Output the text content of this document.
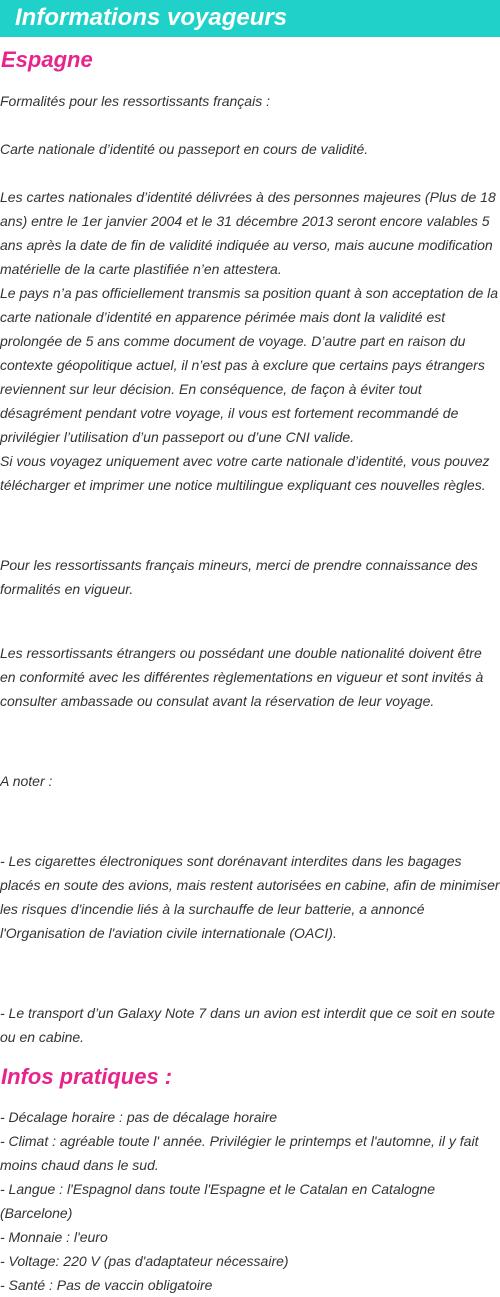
Informations voyageurs
Espagne

Formalités pour les ressortissants français :

Carte nationale d’identité ou passeport en cours de validité.

Les cartes nationales d’identité délivrées à des personnes majeures (Plus de 18 ans) entre le 1er janvier 2004 et le 31 décembre 2013 seront encore valables 5 ans après la date de fin de validité indiquée au verso, mais aucune modification matérielle de la carte plastifiée n’en attestera.
Le pays n’a pas officiellement transmis sa position quant à son acceptation de la carte nationale d’identité en apparence périmée mais dont la validité est prolongée de 5 ans comme document de voyage. D’autre part en raison du contexte géopolitique actuel, il n’est pas à exclure que certains pays étrangers reviennent sur leur décision. En conséquence, de façon à éviter tout désagrément pendant votre voyage, il vous est fortement recommandé de privilégier l’utilisation d’un passeport ou d’une CNI valide.
Si vous voyagez uniquement avec votre carte nationale d’identité, vous pouvez télécharger et imprimer une notice multilingue expliquant ces nouvelles règles.

Pour les ressortissants français mineurs, merci de prendre connaissance des formalités en vigueur.

Les ressortissants étrangers ou possédant une double nationalité doivent être en conformité avec les différentes règlementations en vigueur et sont invités à consulter ambassade ou consulat avant la réservation de leur voyage.

A noter :

- Les cigarettes électroniques sont dorénavant interdites dans les bagages placés en soute des avions, mais restent autorisées en cabine, afin de minimiser les risques d'incendie liés à la surchauffe de leur batterie, a annoncé l'Organisation de l'aviation civile internationale (OACI).

- Le transport d’un Galaxy Note 7 dans un avion est interdit que ce soit en soute ou en cabine.

Infos pratiques :
- Décalage horaire : pas de décalage horaire
- Climat : agréable toute l' année. Privilégier le printemps et l'automne, il y fait moins chaud dans le sud.
- Langue : l'Espagnol dans toute l'Espagne et le Catalan en Catalogne (Barcelone)
- Monnaie : l'euro
- Voltage: 220 V (pas d'adaptateur nécessaire)
- Santé : Pas de vaccin obligatoire
